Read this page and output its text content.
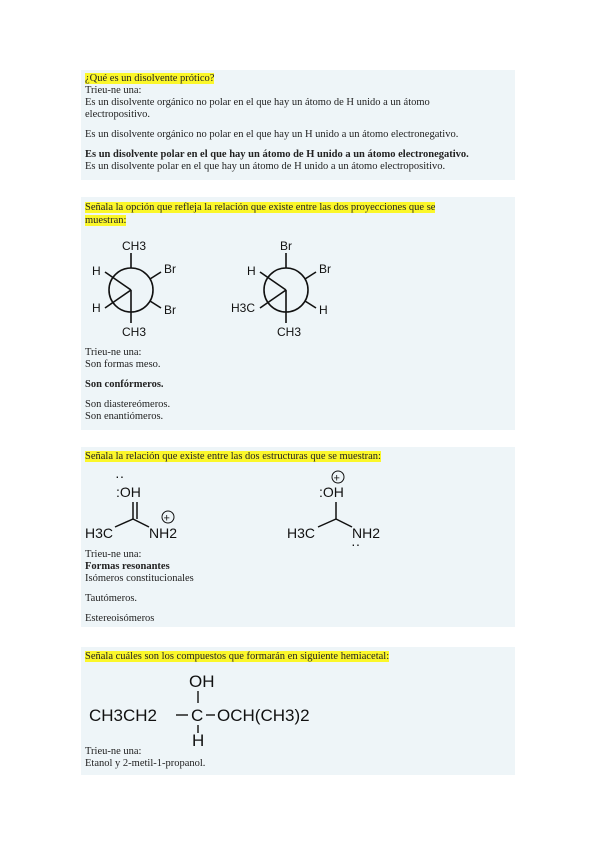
¿Qué es un disolvente prótico?

Trieu-ne una:

Es un disolvente orgánico no polar en el que hay un átomo de H unido a un átomo

electropositivo.

Es un disolvente orgánico no polar en el que hay un H unido a un átomo electronegativo.

Es un disolvente polar en el que hay un átomo de H unido a un átomo electronegativo.

Es un disolvente polar en el que hay un átomo de H unido a un átomo electropositivo.

Señala la opción que refleja la relación que existe entre las dos proyecciones que se
muestran:
CH3
H	Br
H	Br
CH3
Br
H	Br
H3C	H
CH3

Trieu-ne una:

Son formas meso.

Son confórmeros.

Son diastereómeros.

Son enantiómeros.

Señala la relación que existe entre las dos estructuras que se muestran:
··
:OH
H3C	NH2
+
+
:OH
H3C	NH2
··

Trieu-ne una:

Formas resonantes

Isómeros constitucionales

Tautómeros.

Estereoisómeros

Señala cuáles son los compuestos que formarán en siguiente hemiacetal:
OH
CH3CH2 C OCH(CH3)2
H

Trieu-ne una:

Etanol y 2-metil-1-propanol.
